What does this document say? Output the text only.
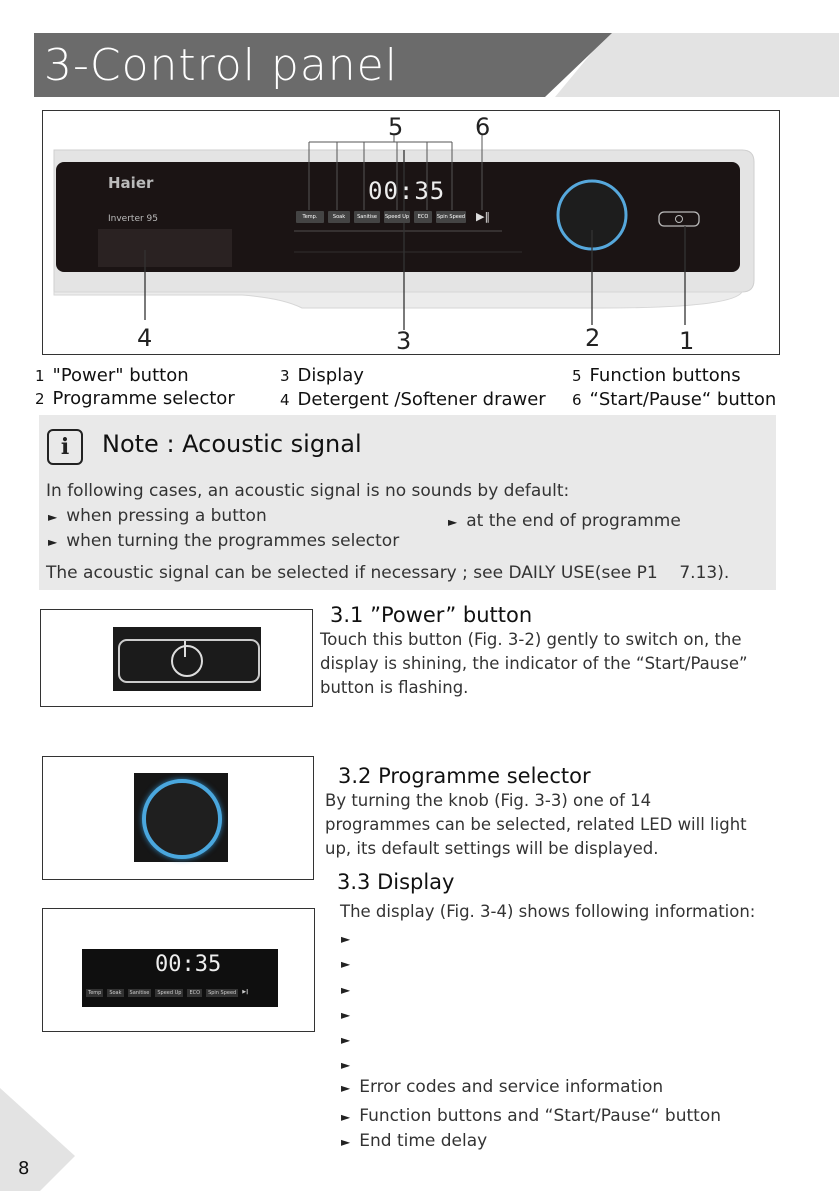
3-Control panel
Haier
Inverter 95
00:35
Temp.	Soak	Sanitise	Speed Up	ECO	Spin Speed ▶‖
5	6
4	3	2	1
1 "Power" button
2 Programme selector
3 Display
4 Detergent /Softener drawer
5 Function buttons
6 “Start/Pause“ button
i	Note : Acoustic signal
In following cases, an acoustic signal is no sounds by default:
► when pressing a button
► when turning the programmes selector
► at the end of programme
The acoustic signal can be selected if necessary ; see DAILY USE(see P1    7.13).
3.1 ”Power” button
Touch this button (Fig. 3-2) gently to switch on, the display is shining, the indicator of the “Start/Pause” button is flashing.
3.2 Programme selector
By turning the knob (Fig. 3-3) one of 14 programmes can be selected, related LED will light up, its default settings will be displayed.
3.3 Display
The display (Fig. 3-4) shows following information:
00:35
Temp	Soak	Sanitise	Speed Up	ECO	Spin Speed	▶‖
►
►
►
►
►
►
► Error codes and service information
► Function buttons and “Start/Pause“ button
► End time delay
8
